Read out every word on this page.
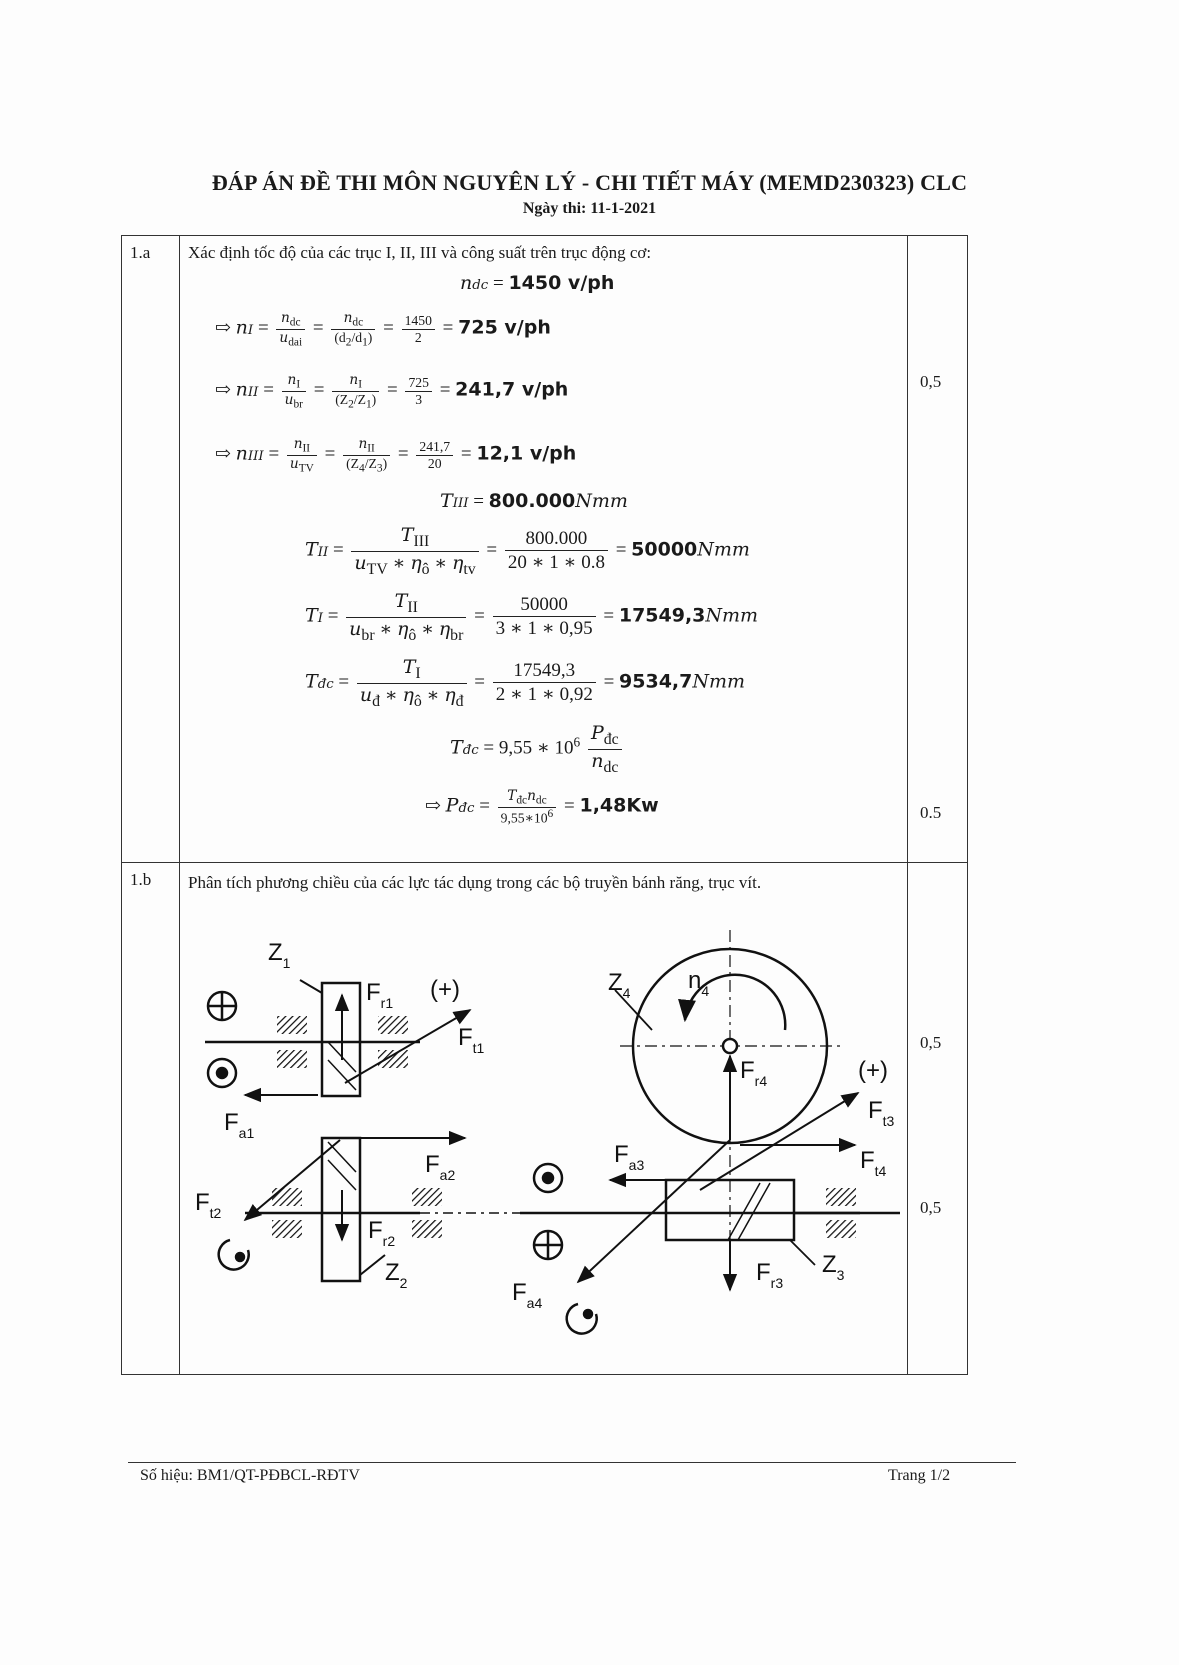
ĐÁP ÁN ĐỀ THI MÔN NGUYÊN LÝ - CHI TIẾT MÁY (MEMD230323) CLC
Ngày thi: 11-1-2021
1.a Xác định tốc độ của các trục I, II, III và công suất trên trục động cơ:
ndc = 1450 v/ph
⇨ nI = $\frac{n_{dc}}{u_{dai}} = \frac{n_{dc}}{(d_2/d_1)} = \frac{1450}{2} = 725$ v/ph
⇨ nII = $\frac{n_I}{u_{br}} = \frac{n_I}{(Z_2/Z_1)} = \frac{725}{3} = 241,7$ v/ph
⇨ nIII = $\frac{n_{II}}{u_{TV}} = \frac{n_{II}}{(Z_4/Z_3)} = \frac{241,7}{20} = 12,1$ v/ph
TIII = 800.000Nmm
TII = $\frac{T_{III}}{u_{TV} ∗ \eta_ô ∗ \eta_{tv}} = \frac{800.000}{20 ∗ 1 ∗ 0.8} = 50000Nmm$
TI = $\frac{T_{II}}{u_{br} ∗ \eta_ô ∗ \eta_{br}} = \frac{50000}{3 ∗ 1 ∗ 0,95} = 17549,3Nmm$
Tđc = $\frac{T_I}{u_đ ∗ \eta_ô ∗ \eta_đ} = \frac{17549,3}{2 ∗ 1 ∗ 0,92} = 9534,7Nmm$
Tđc = 9,55 ∗ $10^6 \frac{P_{đc}}{n_{dc}}$
⇨ Pđc = $\frac{T_{đc}n_{dc}}{9,55∗10^6} = 1,48Kw$
0,5
0.5
1.b Phân tích phương chiều của các lực tác dụng trong các bộ truyền bánh răng, trục vít.
0,5
0,5
$Z_1$
$F_{r1}$ (+)
$F_{t1}$
$F_{a1}$
$F_{a2}$
$F_{t2}$
$F_{r2}$
$Z_2$
$Z_4$ $n_4$
$F_{r4}$	(+)
$F_{t3}$
$F_{a3}$	$F_{t4}$
$F_{r3}$
$Z_3$
$F_{a4}$
Số hiệu: BM1/QT-PĐBCL-RĐTV	Trang 1/2
